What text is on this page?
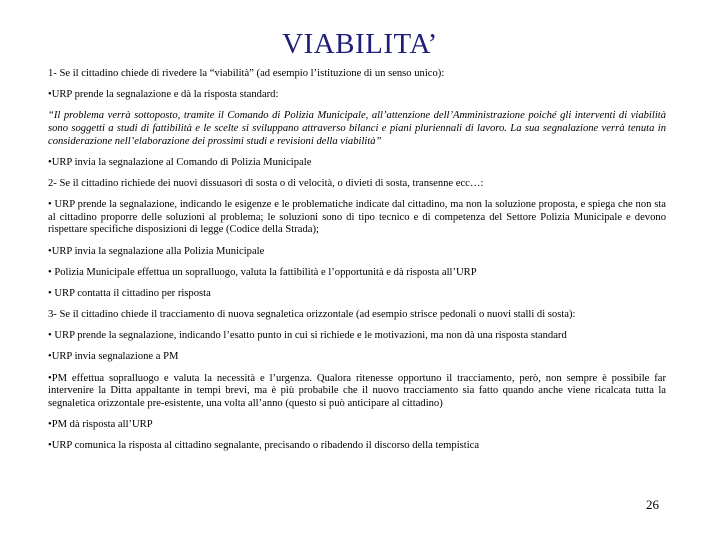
VIABILITA’

1- Se il cittadino chiede di rivedere la “viabilità” (ad esempio l’istituzione di un senso unico):

•URP prende la segnalazione e dà la risposta standard:

“Il problema verrà sottoposto, tramite il Comando di Polizia Municipale, all’attenzione dell’Amministrazione poiché gli interventi di viabilità sono soggetti a studi di fattibilità e le scelte si sviluppano attraverso bilanci e piani pluriennali di lavoro. La sua segnalazione verrà tenuta in considerazione nell’elaborazione dei prossimi studi e revisioni della viabilità”

•URP invia la segnalazione al Comando di Polizia Municipale

2- Se il cittadino richiede dei nuovi dissuasori di sosta o di velocità, o divieti di sosta, transenne ecc…:

• URP prende la segnalazione, indicando le esigenze e le problematiche indicate dal cittadino, ma non la soluzione proposta, e spiega che non sta al cittadino proporre delle soluzioni al problema; le soluzioni sono di tipo tecnico e di competenza del Settore Polizia Municipale e devono rispettare specifiche disposizioni di legge (Codice della Strada);

•URP invia la segnalazione alla Polizia Municipale

• Polizia Municipale effettua un sopralluogo, valuta la fattibilità e l’opportunità e dà risposta all’URP

• URP contatta il cittadino per risposta

3- Se il cittadino chiede il tracciamento di nuova segnaletica orizzontale (ad esempio strisce pedonali o nuovi stalli di sosta):

• URP prende la segnalazione, indicando l’esatto punto in cui si richiede e le motivazioni, ma non dà una risposta standard

•URP invia segnalazione a PM

•PM effettua sopralluogo e valuta la necessità e l’urgenza. Qualora ritenesse opportuno il tracciamento, però, non sempre è possibile far intervenire la Ditta appaltante in tempi brevi, ma è più probabile che il nuovo tracciamento sia fatto quando anche viene ricalcata tutta la segnaletica orizzontale pre-esistente, una volta all’anno (questo si può anticipare al cittadino)

•PM dà risposta all’URP

•URP comunica la risposta al cittadino segnalante, precisando o ribadendo il discorso della tempistica

26
